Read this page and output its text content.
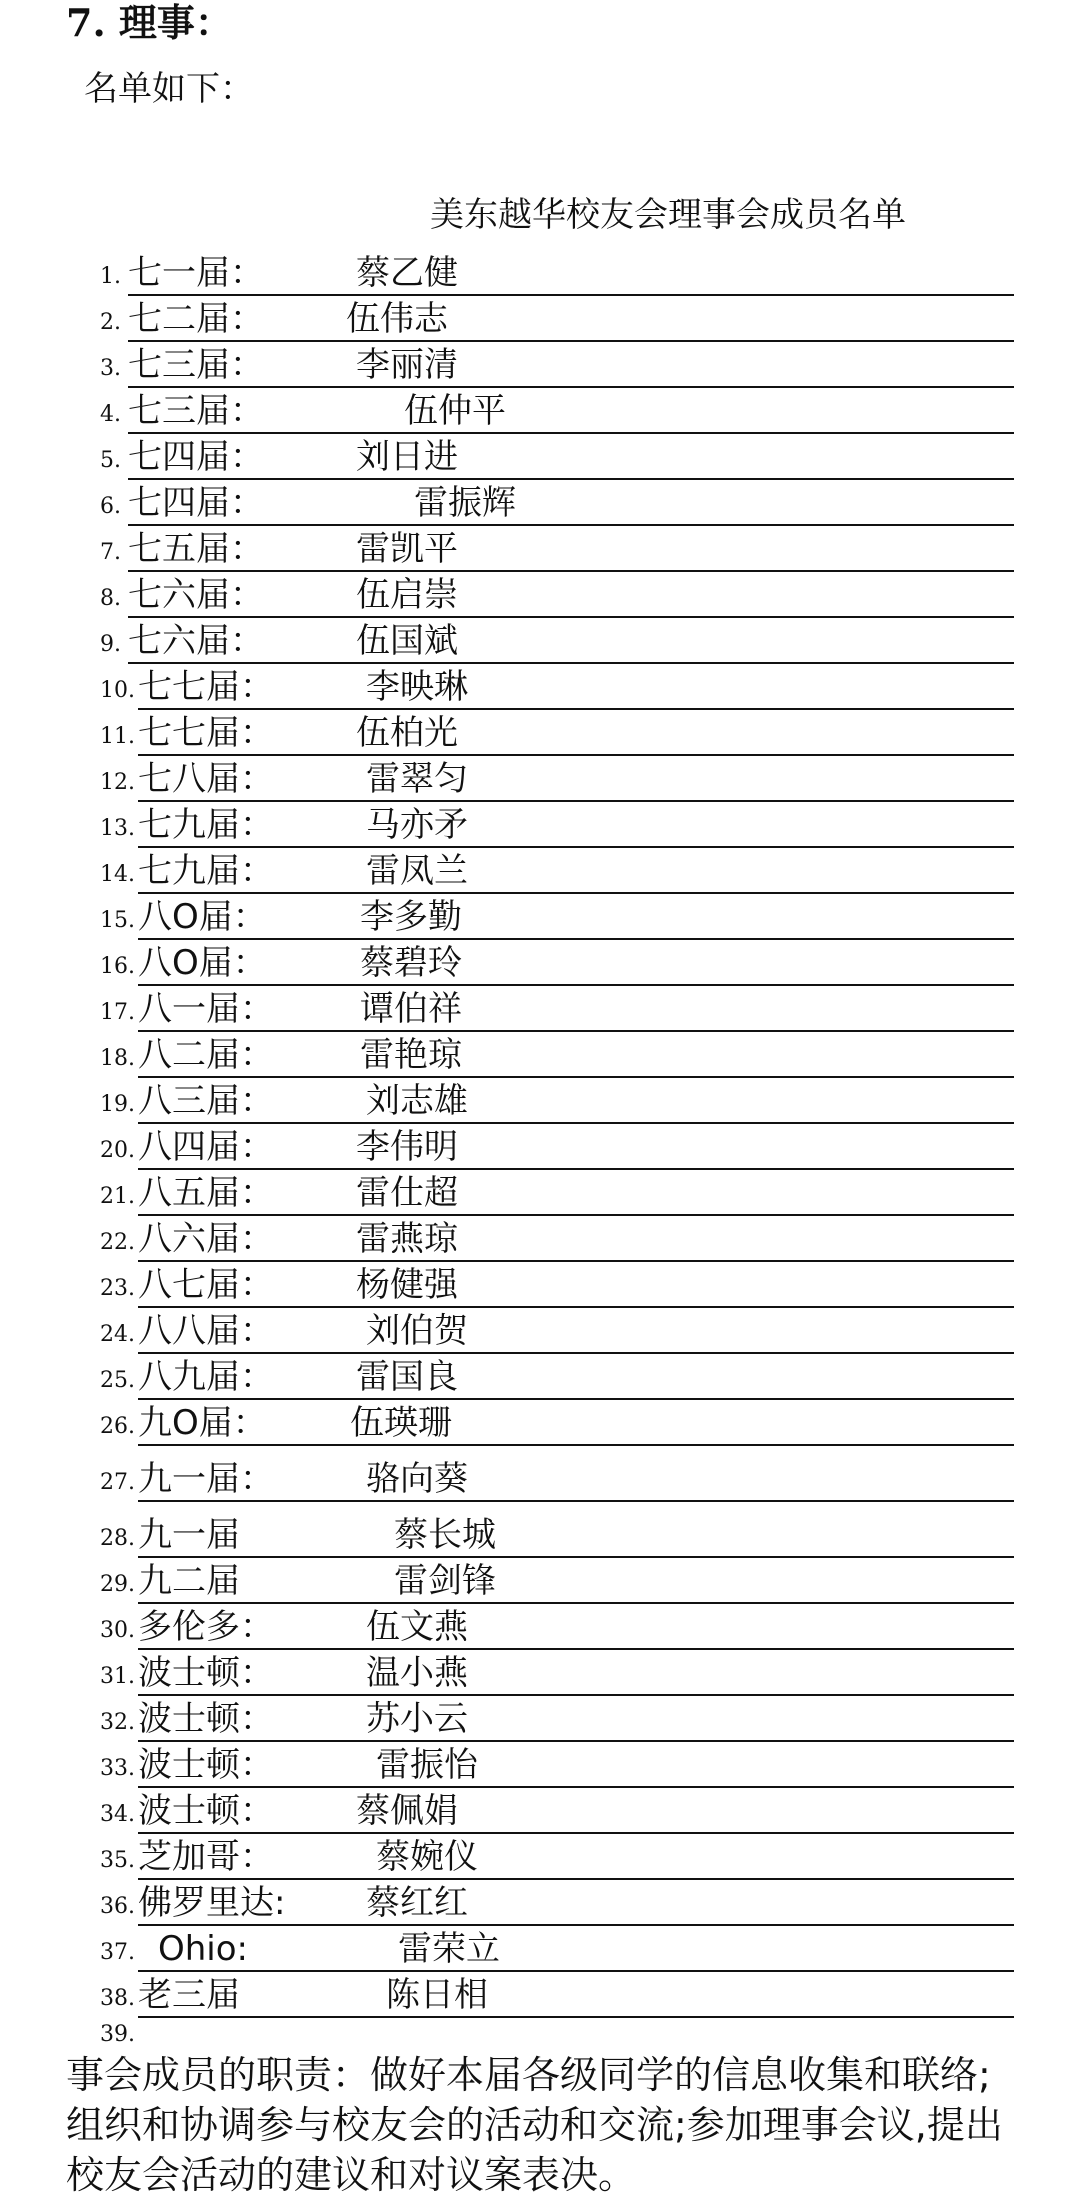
7. 理事：
名单如下：
美东越华校友会理事会成员名单
1. 七一届：	蔡乙健
2. 七二届： 伍伟志
3. 七三届：	李丽清
4. 七三届：	伍仲平
5. 七四届：	刘日进
6. 七四届：	雷振辉
7. 七五届：	雷凯平
8. 七六届：	伍启崇
9. 七六届：	伍国斌
10. 七七届：	李映琳
11. 七七届： 伍柏光
12. 七八届：	雷翠匀
13. 七九届：	马亦矛
14. 七九届：	雷凤兰
15. 八O届：	李多勤
16. 八O届：	蔡碧玲
17. 八一届：	谭伯祥
18. 八二届：	雷艳琼
19. 八三届：	刘志雄
20. 八四届： 李伟明
21. 八五届： 雷仕超
22. 八六届： 雷燕琼
23. 八七届： 杨健强
24. 八八届：	刘伯贺
25. 八九届： 雷国良
26. 九O届： 伍瑛珊
27. 九一届：	骆向葵
28. 九一届	蔡长城
29. 九二届	雷剑锋
30. 多伦多：	伍文燕
31. 波士顿：	温小燕
32. 波士顿：	苏小云
33. 波士顿：	雷振怡
34. 波士顿： 蔡佩娟
35. 芝加哥：	蔡婉仪
36. 佛罗里达: 蔡红红
37. Ohio:	雷荣立
38. 老三届	陈日相
39.
事会成员的职责：做好本届各级同学的信息收集和联络;组织和协调参与校友会的活动和交流;参加理事会议,提出校友会活动的建议和对议案表决。
